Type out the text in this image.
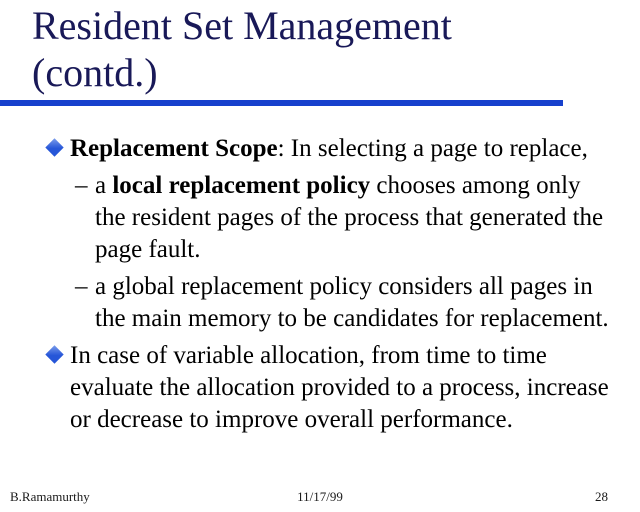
Resident Set Management
(contd.)
Replacement Scope: In selecting a page to replace,
– a local replacement policy chooses among only
the resident pages of the process that generated the
page fault.
– a global replacement policy considers all pages in
the main memory to be candidates for replacement.
In case of variable allocation, from time to time
evaluate the allocation provided to a process, increase
or decrease to improve overall performance.
B.Ramamurthy	11/17/99	28
